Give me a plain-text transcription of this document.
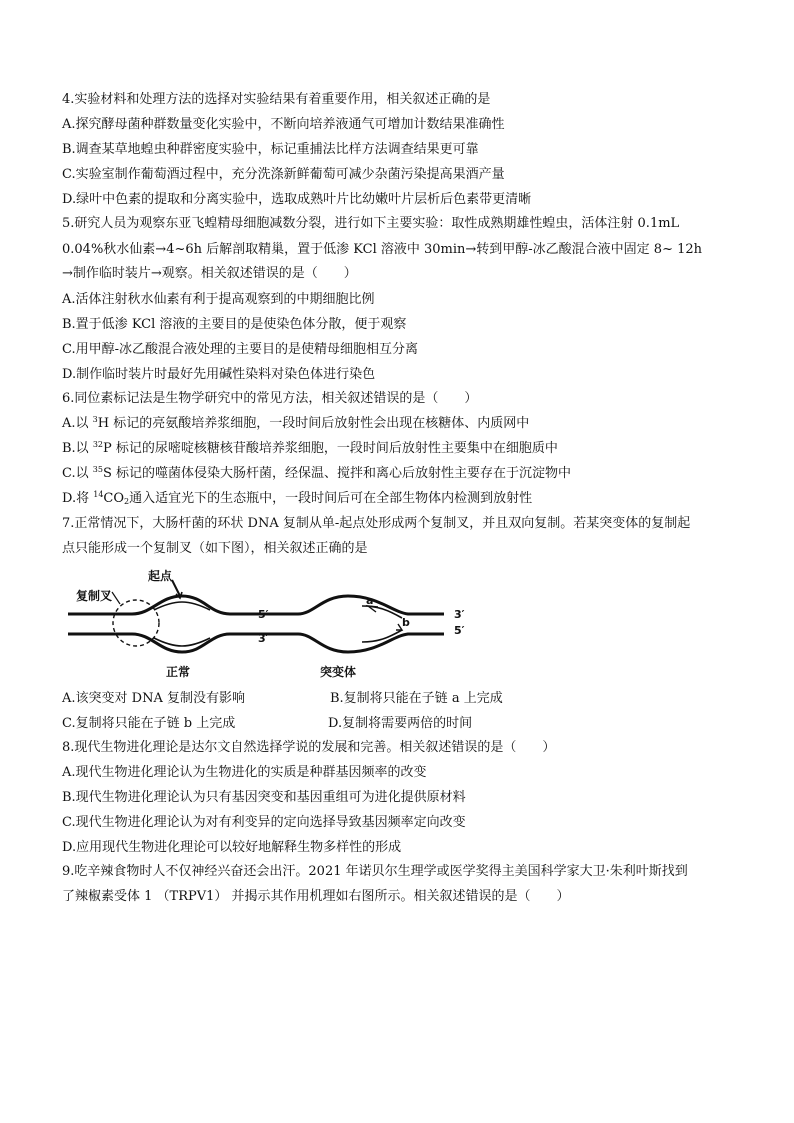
4.实验材料和处理方法的选择对实验结果有着重要作用，相关叙述正确的是
A.探究酵母菌种群数量变化实验中，不断向培养液通气可增加计数结果准确性
B.调查某草地蝗虫种群密度实验中，标记重捕法比样方法调查结果更可靠
C.实验室制作葡萄酒过程中，充分洗涤新鲜葡萄可减少杂菌污染提高果酒产量
D.绿叶中色素的提取和分离实验中，选取成熟叶片比幼嫩叶片层析后色素带更清晰
5.研究人员为观察东亚飞蝗精母细胞减数分裂，进行如下主要实验：取性成熟期雄性蝗虫，活体注射 0.1mL
0.04%秋水仙素→4~6h 后解剖取精巢，置于低渗 KCl 溶液中 30min→转到甲醇-冰乙酸混合液中固定 8~ 12h
→制作临时装片→观察。相关叙述错误的是（　　）
A.活体注射秋水仙素有利于提高观察到的中期细胞比例
B.置于低渗 KCl 溶液的主要目的是使染色体分散，便于观察
C.用甲醇-冰乙酸混合液处理的主要目的是使精母细胞相互分离
D.制作临时装片时最好先用碱性染料对染色体进行染色
6.同位素标记法是生物学研究中的常见方法，相关叙述错误的是（　　）
A.以 $^3$H 标记的亮氨酸培养浆细胞，一段时间后放射性会出现在核糖体、内质网中
B.以 $^{32}$P 标记的尿嘧啶核糖核苷酸培养浆细胞，一段时间后放射性主要集中在细胞质中
C.以 $^{35}$S 标记的噬菌体侵染大肠杆菌，经保温、搅拌和离心后放射性主要存在于沉淀物中
D.将 $^{14}CO_2$通入适宜光下的生态瓶中，一段时间后可在全部生物体内检测到放射性
7.正常情况下，大肠杆菌的环状 DNA 复制从单-起点处形成两个复制叉，并且双向复制。若某突变体的复制起
点只能形成一个复制叉（如下图），相关叙述正确的是
复制叉
起点
正常
5′
3′
3′
5′
a
b
突变体
A.该突变对 DNA 复制没有影响	B.复制将只能在子链 a 上完成
C.复制将只能在子链 b 上完成	D.复制将需要两倍的时间
8.现代生物进化理论是达尔文自然选择学说的发展和完善。相关叙述错误的是（　　）
A.现代生物进化理论认为生物进化的实质是种群基因频率的改变
B.现代生物进化理论认为只有基因突变和基因重组可为进化提供原材料
C.现代生物进化理论认为对有利变异的定向选择导致基因频率定向改变
D.应用现代生物进化理论可以较好地解释生物多样性的形成
9.吃辛辣食物时人不仅神经兴奋还会出汗。2021 年诺贝尔生理学或医学奖得主美国科学家大卫·朱利叶斯找到
了辣椒素受体 1 （TRPV1） 并揭示其作用机理如右图所示。相关叙述错误的是（　　）
